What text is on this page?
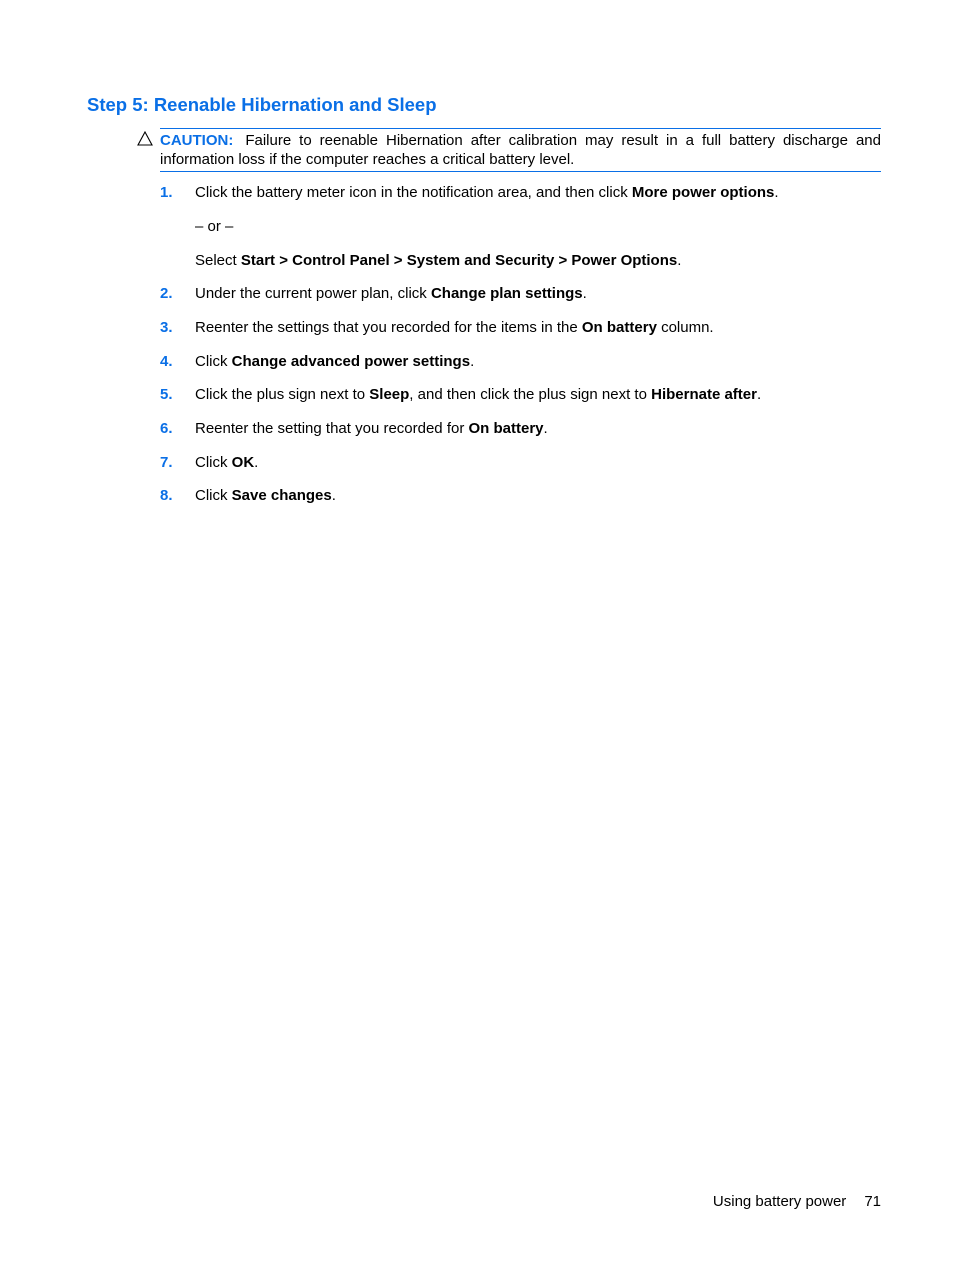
Step 5: Reenable Hibernation and Sleep
CAUTION: Failure to reenable Hibernation after calibration may result in a full battery discharge and information loss if the computer reaches a critical battery level.
1. Click the battery meter icon in the notification area, and then click More power options.
– or –
Select Start > Control Panel > System and Security > Power Options.
2. Under the current power plan, click Change plan settings.
3. Reenter the settings that you recorded for the items in the On battery column.
4. Click Change advanced power settings.
5. Click the plus sign next to Sleep, and then click the plus sign next to Hibernate after.
6. Reenter the setting that you recorded for On battery.
7. Click OK.
8. Click Save changes.
Using battery power 71
